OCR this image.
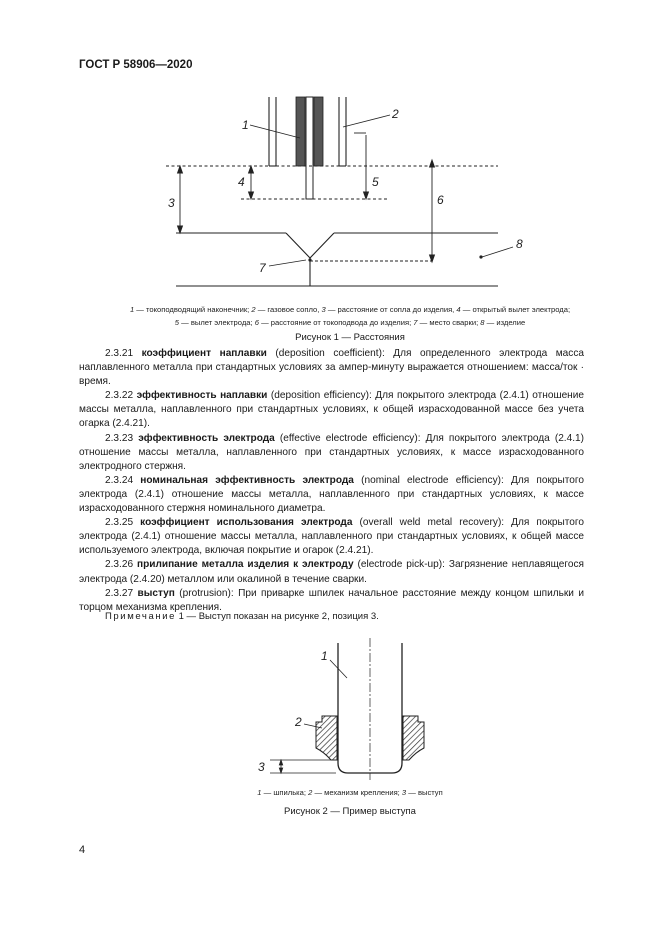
ГОСТ Р 58906—2020
1
2
3
4	5
6
7
8
1 — токоподводящий наконечник; 2 — газовое сопло, 3 — расстояние от сопла до изделия, 4 — открытый вылет электрода;
5 — вылет электрода; 6 — расстояние от токоподвода до изделия; 7 — место сварки; 8 — изделие
Рисунок 1 — Расстояния

2.3.21 коэффициент наплавки (deposition coefficient): Для определенного электрода масса наплавленного металла при стандартных условиях за ампер-минуту выражается отношением: масса/ток · время.

2.3.22 эффективность наплавки (deposition efficiency): Для покрытого электрода (2.4.1) отношение массы металла, наплавленного при стандартных условиях, к общей израсходованной массе без учета огарка (2.4.21).

2.3.23 эффективность электрода (effective electrode efficiency): Для покрытого электрода (2.4.1) отношение массы металла, наплавленного при стандартных условиях, к массе израсходованного электродного стержня.

2.3.24 номинальная эффективность электрода (nominal electrode efficiency): Для покрытого электрода (2.4.1) отношение массы металла, наплавленного при стандартных условиях, к массе израсходованного стержня номинального диаметра.

2.3.25 коэффициент использования электрода (overall weld metal recovery): Для покрытого электрода (2.4.1) отношение массы металла, наплавленного при стандартных условиях, к общей массе используемого электрода, включая покрытие и огарок (2.4.21).

2.3.26 прилипание металла изделия к электроду (electrode pick-up): Загрязнение неплавящегося электрода (2.4.20) металлом или окалиной в течение сварки.

2.3.27 выступ (protrusion): При приварке шпилек начальное расстояние между концом шпильки и торцом механизма крепления.

Примечание 1 — Выступ показан на рисунке 2, позиция 3.
1
2
3
1 — шпилька; 2 — механизм крепления; 3 — выступ
Рисунок 2 — Пример выступа
4
